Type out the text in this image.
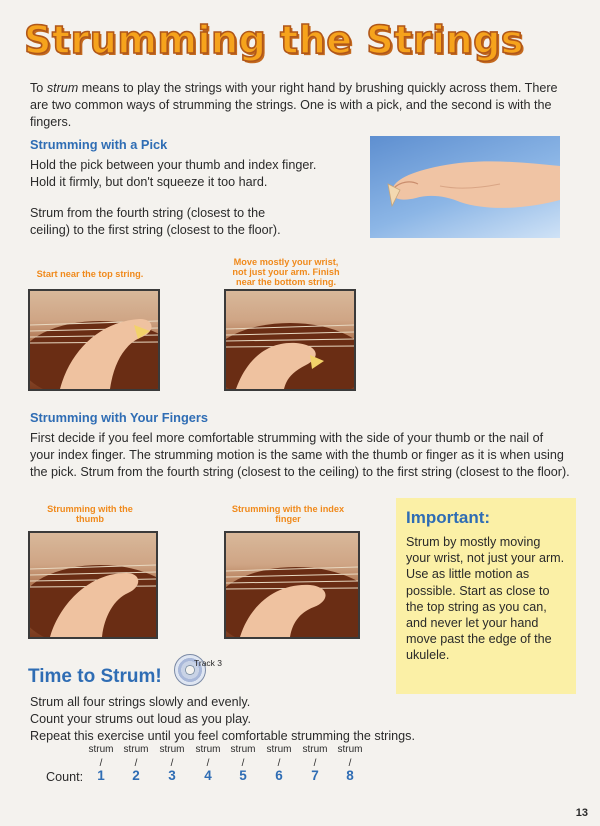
Strumming the Strings

To strum means to play the strings with your right hand by brushing quickly across them. There are two common ways of strumming the strings. One is with a pick, and the second is with the fingers.

Strumming with a Pick

Hold the pick between your thumb and index finger. Hold it firmly, but don't squeeze it too hard.

Strum from the fourth string (closest to the ceiling) to the first string (closest to the floor).

Start near the top string.
Move mostly your wrist, not just your arm. Finish near the bottom string.
Strumming with Your Fingers

First decide if you feel more comfortable strumming with the side of your thumb or the nail of your index finger. The strumming motion is the same with the thumb or finger as it is when using the pick. Strum from the fourth string (closest to the ceiling) to the first string (closest to the floor).

Strumming with the thumb
Strumming with the index finger	Important:

Strum by mostly moving your wrist, not just your arm. Use as little motion as possible. Start as close to the top string as you can, and never let your hand move past the edge of the ukulele.

Time to Strum!
Track 3

Strum all four strings slowly and evenly.

Count your strums out loud as you play.

Repeat this exercise until you feel comfortable strumming the strings.

strum strum strum strum strum strum strum strum
/	/	/	/	/	/	/	/
Count:	1	2	3	4	5	6	7	8
13
